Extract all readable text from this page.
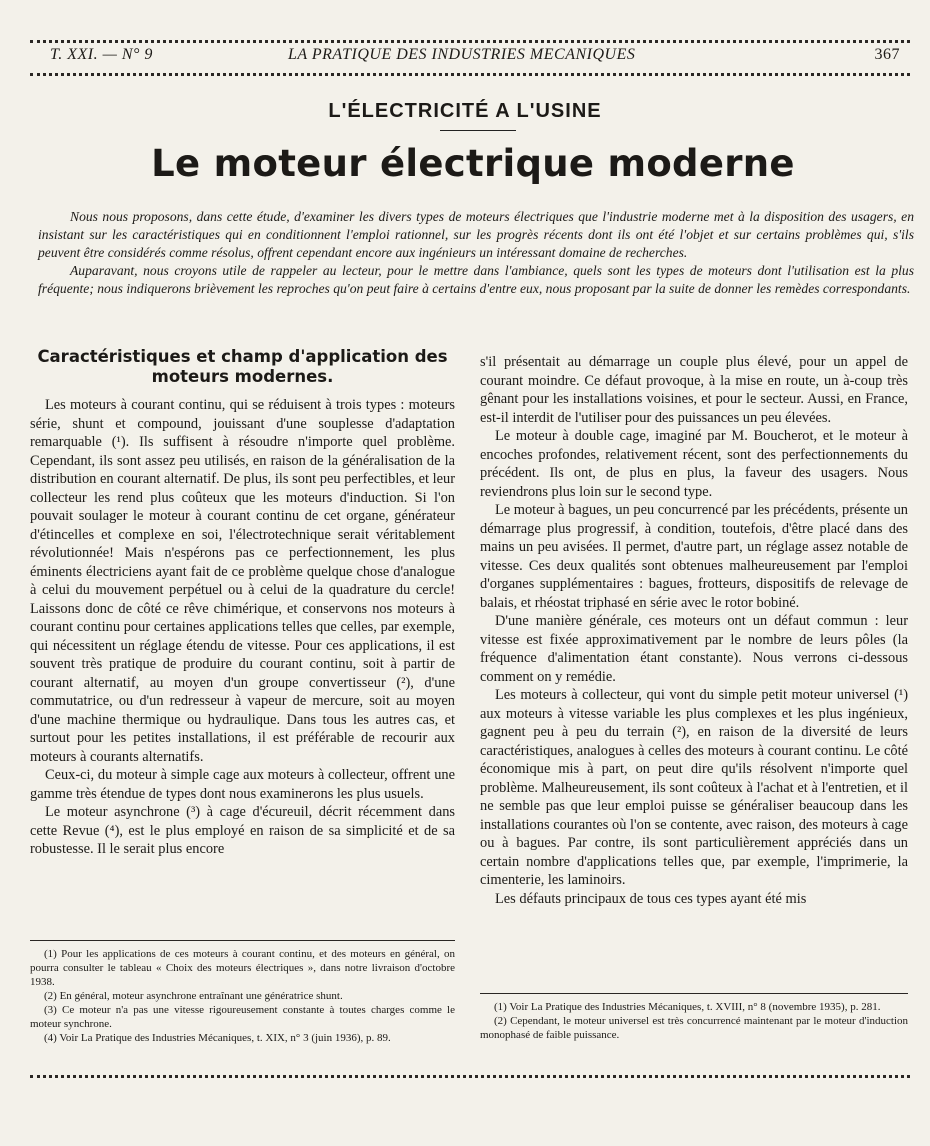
T. XXI. — N° 9	LA PRATIQUE DES INDUSTRIES MECANIQUES	367
L'ÉLECTRICITÉ A L'USINE
Le moteur électrique moderne

Nous nous proposons, dans cette étude, d'examiner les divers types de moteurs électriques que l'industrie moderne met à la disposition des usagers, en insistant sur les caractéristiques qui en conditionnent l'emploi rationnel, sur les progrès récents dont ils ont été l'objet et sur certains problèmes qui, s'ils peuvent être considérés comme résolus, offrent cependant encore aux ingénieurs un intéressant domaine de recherches.

Auparavant, nous croyons utile de rappeler au lecteur, pour le mettre dans l'ambiance, quels sont les types de moteurs dont l'utilisation est la plus fréquente; nous indiquerons brièvement les reproches qu'on peut faire à certains d'entre eux, nous proposant par la suite de donner les remèdes correspondants.

Caractéristiques et champ d'application des moteurs modernes.

Les moteurs à courant continu, qui se réduisent à trois types : moteurs série, shunt et compound, jouissant d'une souplesse d'adaptation remarquable (¹). Ils suffisent à résoudre n'importe quel problème. Cependant, ils sont assez peu utilisés, en raison de la généralisation de la distribution en courant alternatif. De plus, ils sont peu perfectibles, et leur collecteur les rend plus coûteux que les moteurs d'induction. Si l'on pouvait soulager le moteur à courant continu de cet organe, générateur d'étincelles et complexe en soi, l'électrotechnique serait véritablement révolutionnée! Mais n'espérons pas ce perfectionnement, les plus éminents électriciens ayant fait de ce problème quelque chose d'analogue à celui du mouvement perpétuel ou à celui de la quadrature du cercle! Laissons donc de côté ce rêve chimérique, et conservons nos moteurs à courant continu pour certaines applications telles que celles, par exemple, qui nécessitent un réglage étendu de vitesse. Pour ces applications, il est souvent très pratique de produire du courant continu, soit à partir de courant alternatif, au moyen d'un groupe convertisseur (²), d'une commutatrice, ou d'un redresseur à vapeur de mercure, soit au moyen d'une machine thermique ou hydraulique. Dans tous les autres cas, et surtout pour les petites installations, il est préférable de recourir aux moteurs à courants alternatifs.

Ceux-ci, du moteur à simple cage aux moteurs à collecteur, offrent une gamme très étendue de types dont nous examinerons les plus usuels.

Le moteur asynchrone (³) à cage d'écureuil, décrit récemment dans cette Revue (⁴), est le plus employé en raison de sa simplicité et de sa robustesse. Il le serait plus encore

s'il présentait au démarrage un couple plus élevé, pour un appel de courant moindre. Ce défaut provoque, à la mise en route, un à-coup très gênant pour les installations voisines, et pour le secteur. Aussi, en France, est-il interdit de l'utiliser pour des puissances un peu élevées.

Le moteur à double cage, imaginé par M. Boucherot, et le moteur à encoches profondes, relativement récent, sont des perfectionnements du précédent. Ils ont, de plus en plus, la faveur des usagers. Nous reviendrons plus loin sur le second type.

Le moteur à bagues, un peu concurrencé par les précédents, présente un démarrage plus progressif, à condition, toutefois, d'être placé dans des mains un peu avisées. Il permet, d'autre part, un réglage assez notable de vitesse. Ces deux qualités sont obtenues malheureusement par l'emploi d'organes supplémentaires : bagues, frotteurs, dispositifs de relevage de balais, et rhéostat triphasé en série avec le rotor bobiné.

D'une manière générale, ces moteurs ont un défaut commun : leur vitesse est fixée approximativement par le nombre de leurs pôles (la fréquence d'alimentation étant constante). Nous verrons ci-dessous comment on y remédie.

Les moteurs à collecteur, qui vont du simple petit moteur universel (¹) aux moteurs à vitesse variable les plus complexes et les plus ingénieux, gagnent peu à peu du terrain (²), en raison de la diversité de leurs caractéristiques, analogues à celles des moteurs à courant continu. Le côté économique mis à part, on peut dire qu'ils résolvent n'importe quel problème. Malheureusement, ils sont coûteux à l'achat et à l'entretien, et il ne semble pas que leur emploi puisse se généraliser beaucoup dans les installations courantes où l'on se contente, avec raison, des moteurs à cage ou à bagues. Par contre, ils sont particulièrement appréciés dans un certain nombre d'applications telles que, par exemple, l'imprimerie, la cimenterie, les laminoirs.

Les défauts principaux de tous ces types ayant été mis

(1) Pour les applications de ces moteurs à courant continu, et des moteurs en général, on pourra consulter le tableau « Choix des moteurs électriques », dans notre livraison d'octobre 1938.

(2) En général, moteur asynchrone entraînant une génératrice shunt.

(3) Ce moteur n'a pas une vitesse rigoureusement constante à toutes charges comme le moteur synchrone.

(4) Voir La Pratique des Industries Mécaniques, t. XIX, n° 3 (juin 1936), p. 89.

(1) Voir La Pratique des Industries Mécaniques, t. XVIII, n° 8 (novembre 1935), p. 281.

(2) Cependant, le moteur universel est très concurrencé maintenant par le moteur d'induction monophasé de faible puissance.
